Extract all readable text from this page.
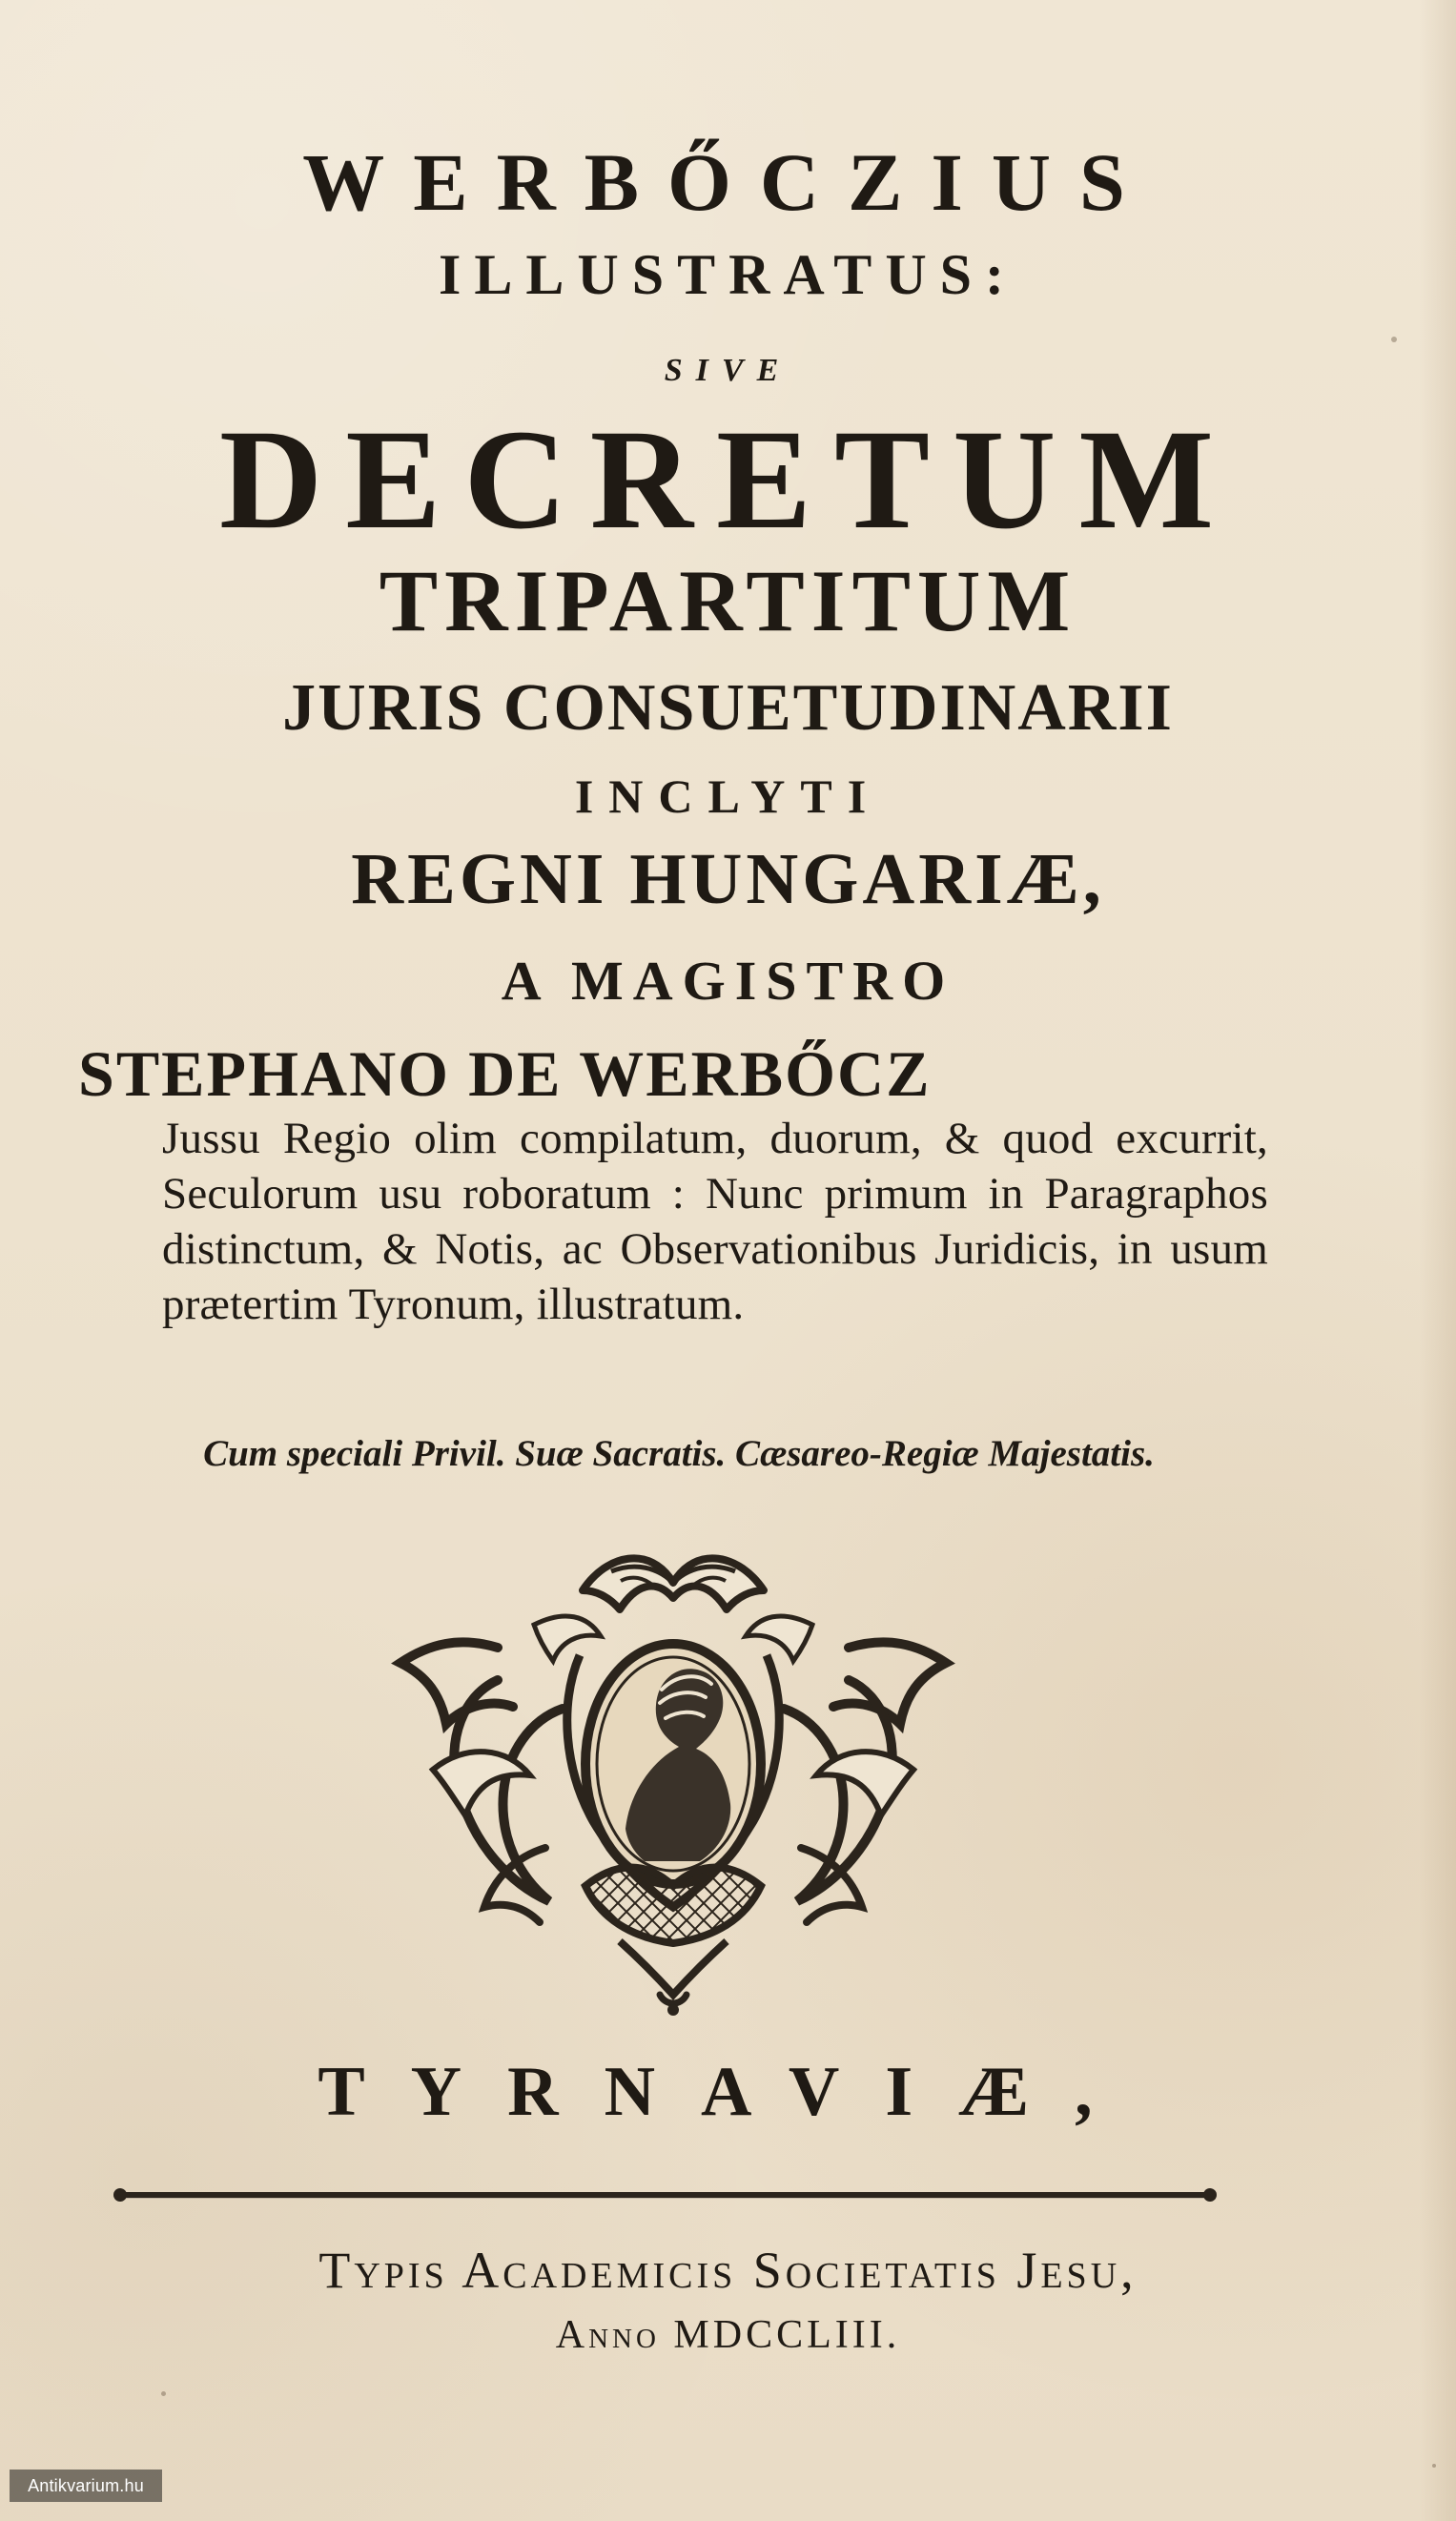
WERBŐCZIUS
ILLUSTRATUS:
SIVE
DECRETUM
TRIPARTITUM
JURIS CONSUETUDINARII
INCLYTI
REGNI HUNGARIÆ,
A MAGISTRO
STEPHANO DE WERBŐCZ
Jussu Regio olim compilatum, duorum, & quod excurrit, Seculorum usu roboratum : Nunc primum in Paragraphos distinctum, & Notis, ac Observationibus Juridicis, in usum prætertim Tyronum, illustratum.
Cum speciali Privil. Suæ Sacratis. Cæsareo-Regiæ Majestatis.
TYRNAVIÆ,
Typis Academicis Societatis Jesu,
Anno MDCCLIII.
Antikvarium.hu
